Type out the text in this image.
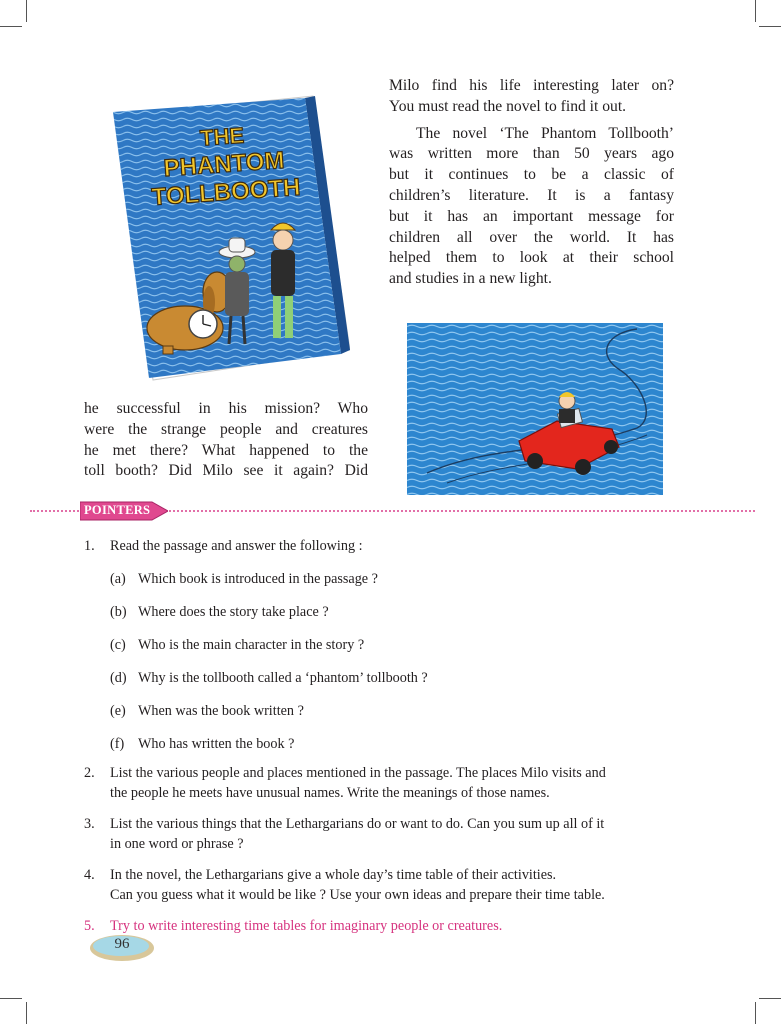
THE
PHANTOM
TOLLBOOTH
Milo find his life interesting later on?
You must read the novel to find it out.
The novel ‘The Phantom Tollbooth’
was written more than 50 years ago
but it continues to be a classic of
children’s literature. It is a fantasy
but it has an important message for
children all over the world. It has
helped them to look at their school
and studies in a new light.
he successful in his mission? Who
were the strange people and creatures
he met there? What happened to the
toll booth? Did Milo see it again? Did
POINTERS
1. Read the passage and answer the following :
(a) Which book is introduced in the passage ?
(b) Where does the story take place ?
(c) Who is the main character in the story ?
(d) Why is the tollbooth called a ‘phantom’ tollbooth ?
(e) When was the book written ?
(f) Who has written the book ?
2. List the various people and places mentioned in the passage. The places Milo visits and
the people he meets have unusual names. Write the meanings of those names.
3. List the various things that the Lethargarians do or want to do. Can you sum up all of it
in one word or phrase ?
4. In the novel, the Lethargarians give a whole day’s time table of their activities.
Can you guess what it would be like ? Use your own ideas and prepare their time table.
5. Try to write interesting time tables for imaginary people or creatures.
96
